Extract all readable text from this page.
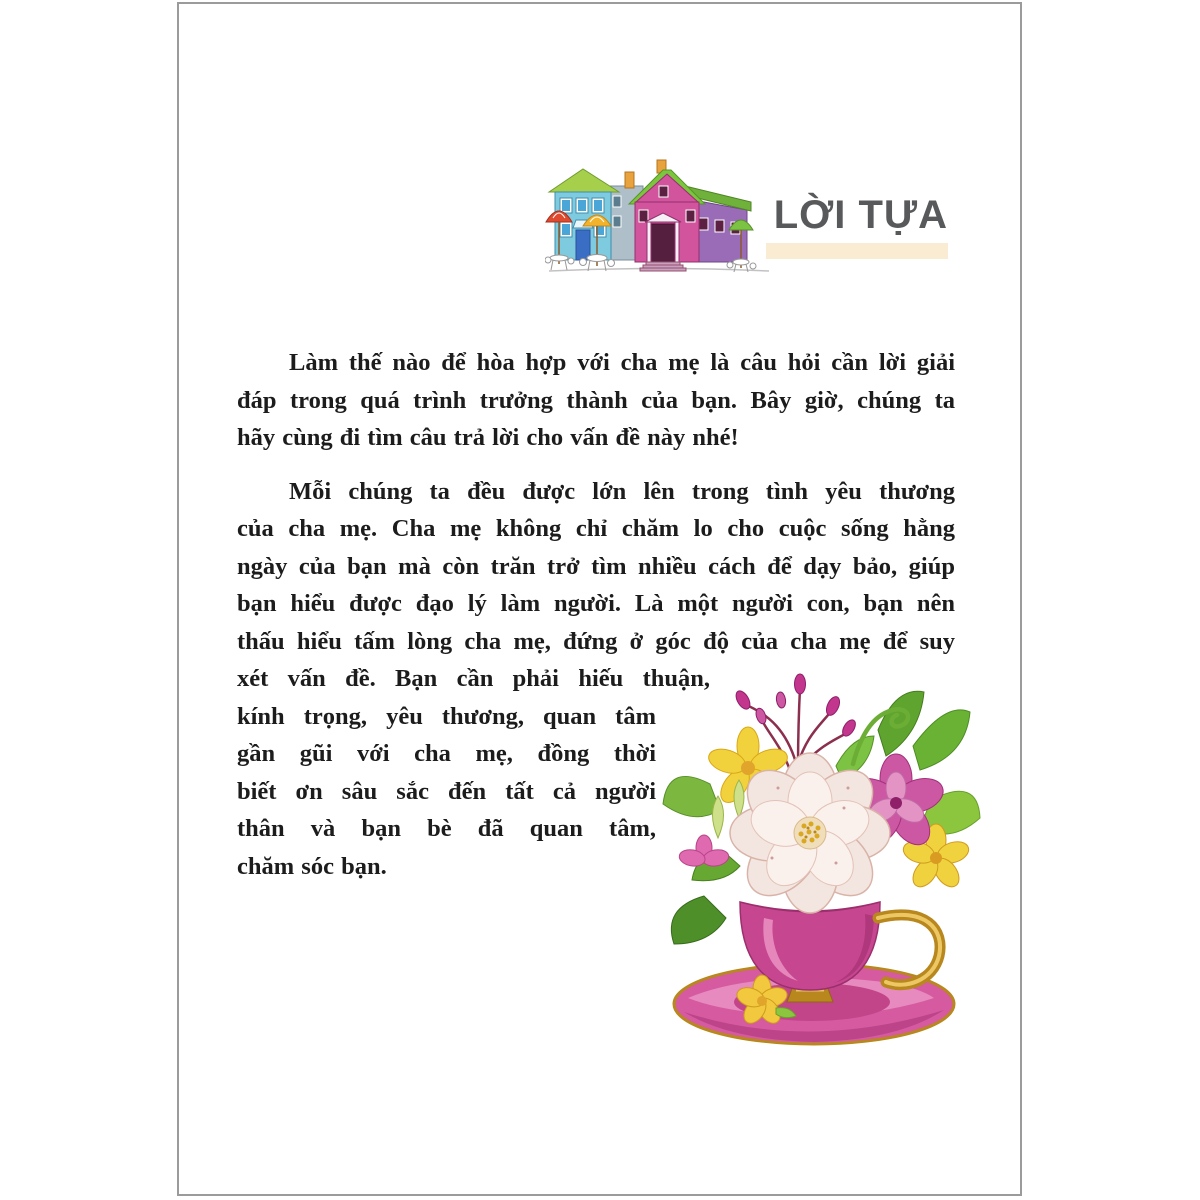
LỜI TỰA
Làm thế nào để hòa hợp với cha mẹ là câu hỏi cần lời giải
đáp trong quá trình trưởng thành của bạn. Bây giờ, chúng ta
hãy cùng đi tìm câu trả lời cho vấn đề này nhé!
Mỗi chúng ta đều được lớn lên trong tình yêu thương
của cha mẹ. Cha mẹ không chỉ chăm lo cho cuộc sống hằng
ngày của bạn mà còn trăn trở tìm nhiều cách để dạy bảo, giúp
bạn hiểu được đạo lý làm người. Là một người con, bạn nên
thấu hiểu tấm lòng cha mẹ, đứng ở góc độ của cha mẹ để suy
xét vấn đề. Bạn cần phải hiếu thuận,
kính trọng, yêu thương, quan tâm
gần gũi với cha mẹ, đồng thời
biết ơn sâu sắc đến tất cả người
thân và bạn bè đã quan tâm,
chăm sóc bạn.
